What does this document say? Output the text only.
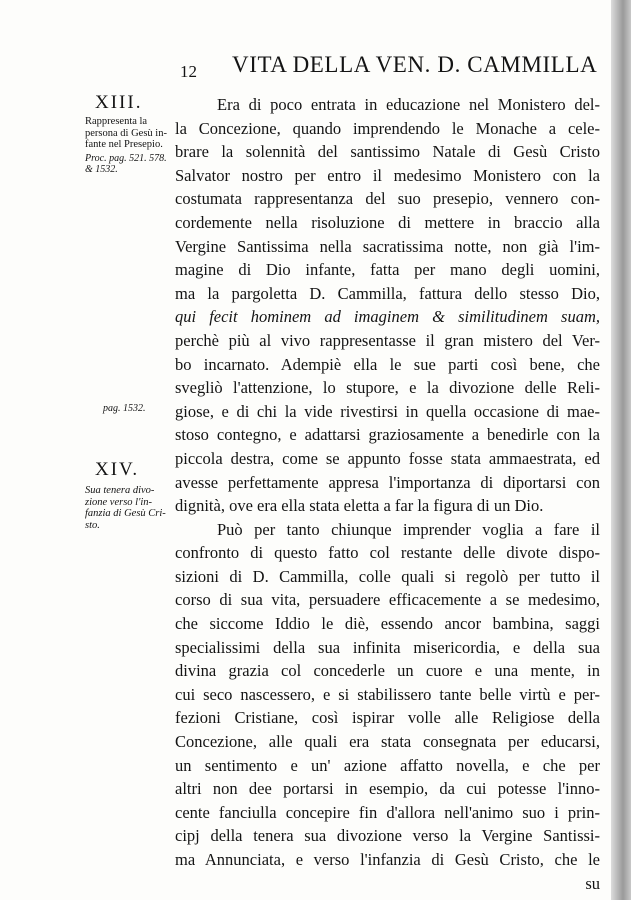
12 VITA DELLA VEN. D. CAMMILLA
XIII.
Rappresenta la
persona di Gesù in-
fante nel Presepio.
Proc. pag. 521. 578.
& 1532.
pag. 1532.
XIV.
Sua tenera divo-
zione verso l'in-
fanzia di Gesù Cri-
sto.
Era di poco entrata in educazione nel Monistero del-
la Concezione, quando imprendendo le Monache a cele-
brare la solennità del santissimo Natale di Gesù Cristo
Salvator nostro per entro il medesimo Monistero con la
costumata rappresentanza del suo presepio, vennero con-
cordemente nella risoluzione di mettere in braccio alla
Vergine Santissima nella sacratissima notte, non già l'im-
magine di Dio infante, fatta per mano degli uomini,
ma la pargoletta D. Cammilla, fattura dello stesso Dio,
qui fecit hominem ad imaginem & similitudinem suam,
perchè più al vivo rappresentasse il gran mistero del Ver-
bo incarnato. Adempiè ella le sue parti così bene, che
svegliò l'attenzione, lo stupore, e la divozione delle Reli-
giose, e di chi la vide rivestirsi in quella occasione di mae-
stoso contegno, e adattarsi graziosamente a benedirle con la
piccola destra, come se appunto fosse stata ammaestrata, ed
avesse perfettamente appresa l'importanza di diportarsi con
dignità, ove era ella stata eletta a far la figura di un Dio.
Può per tanto chiunque imprender voglia a fare il
confronto di questo fatto col restante delle divote dispo-
sizioni di D. Cammilla, colle quali si regolò per tutto il
corso di sua vita, persuadere efficacemente a se medesimo,
che siccome Iddio le diè, essendo ancor bambina, saggi
specialissimi della sua infinita misericordia, e della sua
divina grazia col concederle un cuore e una mente, in
cui seco nascessero, e si stabilissero tante belle virtù e per-
fezioni Cristiane, così ispirar volle alle Religiose della
Concezione, alle quali era stata consegnata per educarsi,
un sentimento e un' azione affatto novella, e che per
altri non dee portarsi in esempio, da cui potesse l'inno-
cente fanciulla concepire fin d'allora nell'animo suo i prin-
cipj della tenera sua divozione verso la Vergine Santissi-
ma Annunciata, e verso l'infanzia di Gesù Cristo, che le
su
